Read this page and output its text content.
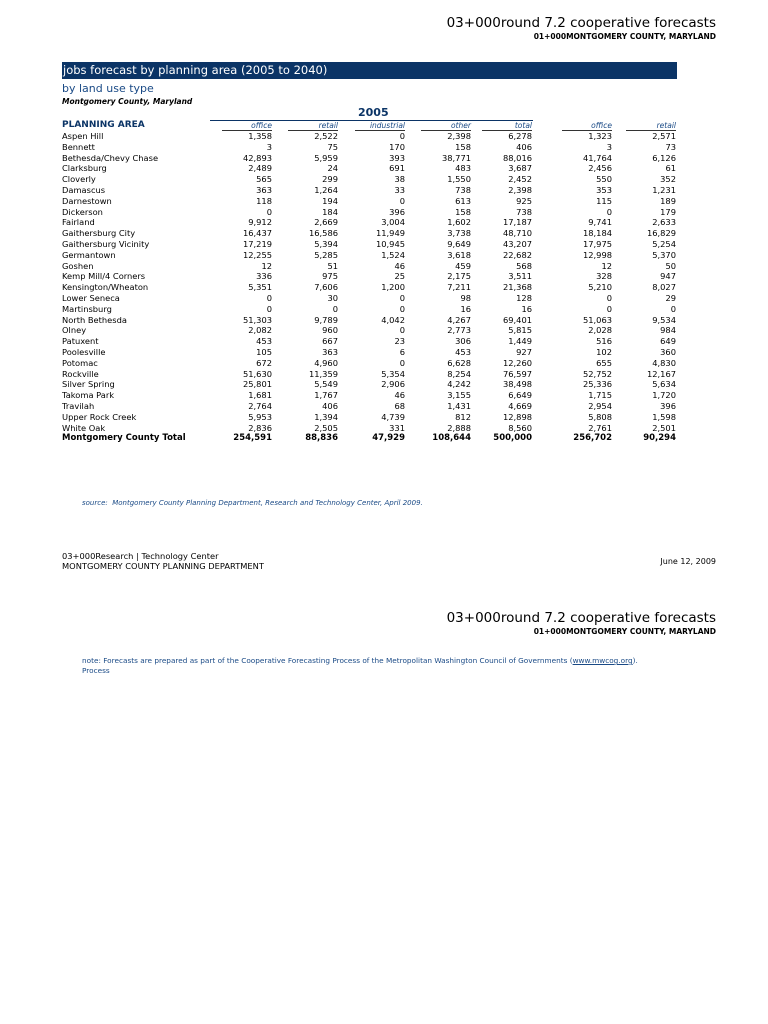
03+000round 7.2 cooperative forecasts
01+000MONTGOMERY COUNTY, MARYLAND
jobs forecast by planning area (2005 to 2040)
by land use type
Montgomery County, Maryland
2005
PLANNING AREA	office	retail	industrial	other	total	office	retail
Aspen Hill	1,358	2,522	0	2,398	6,278	1,323	2,571
Bennett	3	75	170	158	406	3	73
Bethesda/Chevy Chase	42,893	5,959	393	38,771	88,016	41,764	6,126
Clarksburg	2,489	24	691	483	3,687	2,456	61
Cloverly	565	299	38	1,550	2,452	550	352
Damascus	363	1,264	33	738	2,398	353	1,231
Darnestown	118	194	0	613	925	115	189
Dickerson	0	184	396	158	738	0	179
Fairland	9,912	2,669	3,004	1,602	17,187	9,741	2,633
Gaithersburg City	16,437	16,586	11,949	3,738	48,710	18,184	16,829
Gaithersburg Vicinity	17,219	5,394	10,945	9,649	43,207	17,975	5,254
Germantown	12,255	5,285	1,524	3,618	22,682	12,998	5,370
Goshen	12	51	46	459	568	12	50
Kemp Mill/4 Corners	336	975	25	2,175	3,511	328	947
Kensington/Wheaton	5,351	7,606	1,200	7,211	21,368	5,210	8,027
Lower Seneca	0	30	0	98	128	0	29
Martinsburg	0	0	0	16	16	0	0
North Bethesda	51,303	9,789	4,042	4,267	69,401	51,063	9,534
Olney	2,082	960	0	2,773	5,815	2,028	984
Patuxent	453	667	23	306	1,449	516	649
Poolesville	105	363	6	453	927	102	360
Potomac	672	4,960	0	6,628	12,260	655	4,830
Rockville	51,630	11,359	5,354	8,254	76,597	52,752	12,167
Silver Spring	25,801	5,549	2,906	4,242	38,498	25,336	5,634
Takoma Park	1,681	1,767	46	3,155	6,649	1,715	1,720
Travilah	2,764	406	68	1,431	4,669	2,954	396
Upper Rock Creek	5,953	1,394	4,739	812	12,898	5,808	1,598
White Oak	2,836	2,505	331	2,888	8,560	2,761	2,501
Montgomery County Total	254,591	88,836	47,929	108,644	500,000	256,702	90,294
source: Montgomery County Planning Department, Research and Technology Center, April 2009.
03+000Research | Technology Center
MONTGOMERY COUNTY PLANNING DEPARTMENT	June 12, 2009
03+000round 7.2 cooperative forecasts
01+000MONTGOMERY COUNTY, MARYLAND
note: Forecasts are prepared as part of the Cooperative Forecasting Process of the Metropolitan Washington Council of Governments (www.mwcog.org).
Process
